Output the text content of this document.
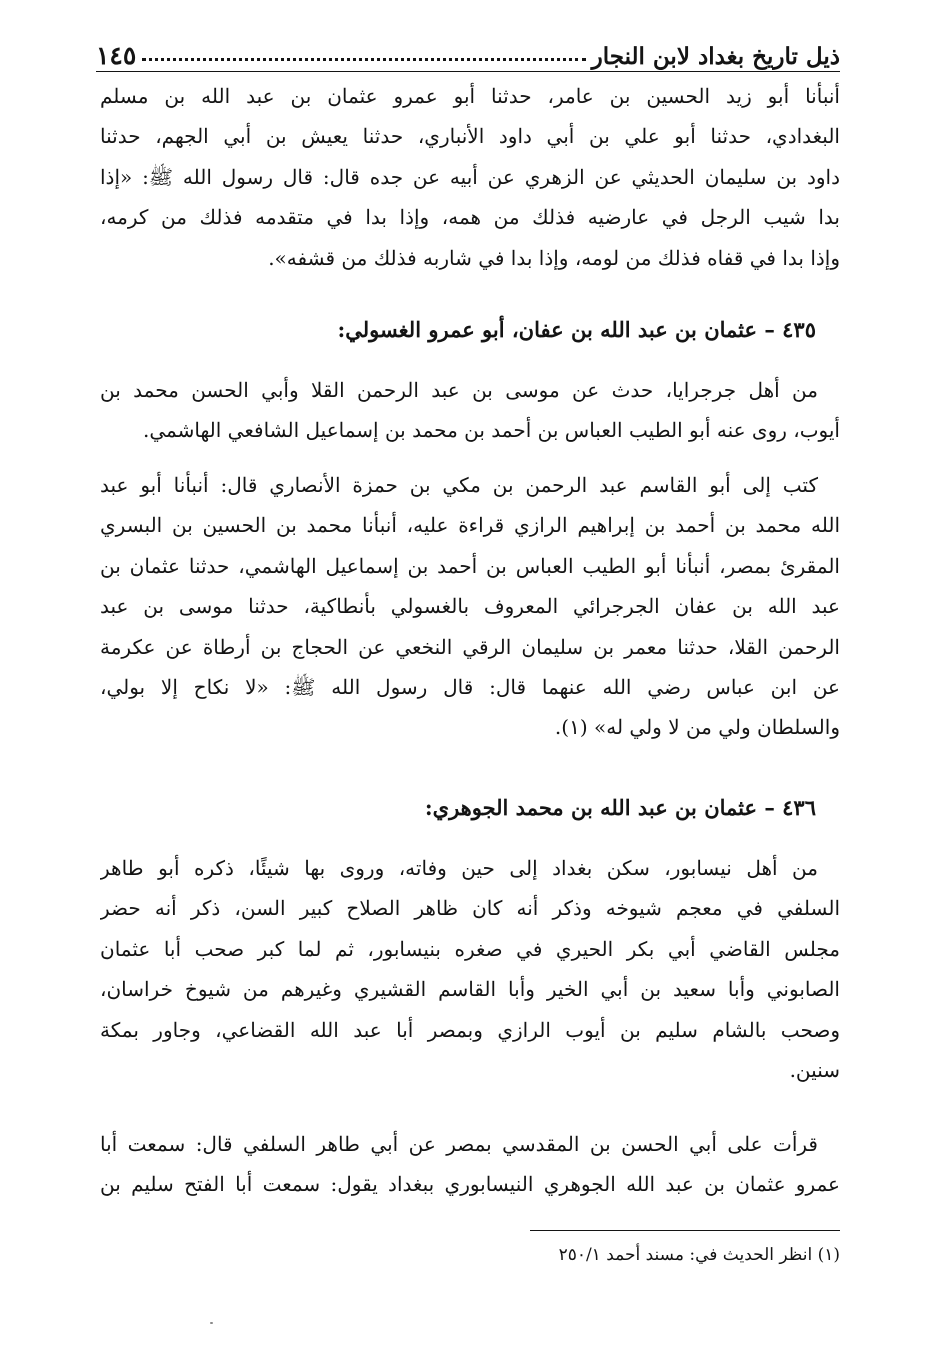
١٤٥	ذيل تاريخ بغداد لابن النجار

أنبأنا أبو زيد الحسين بن عامر، حدثنا أبو عمرو عثمان بن عبد الله بن مسلم
البغدادي، حدثنا أبو علي بن أبي داود الأنباري، حدثنا يعيش بن أبي الجهم، حدثنا
داود بن سليمان الحديثي عن الزهري عن أبيه عن جده قال: قال رسول الله ﷺ: «إذا
بدا شيب الرجل في عارضيه فذلك من همه، وإذا بدا في متقدمه فذلك من كرمه،
وإذا بدا في قفاه فذلك من لومه، وإذا بدا في شاربه فذلك من قشفه».

٤٣٥ – عثمان بن عبد الله بن عفان، أبو عمرو الغسولي:

من أهل جرجرايا، حدث عن موسى بن عبد الرحمن القلا وأبي الحسن محمد بن
أيوب، روى عنه أبو الطيب العباس بن أحمد بن محمد بن إسماعيل الشافعي الهاشمي.

كتب إلى أبو القاسم عبد الرحمن بن مكي بن حمزة الأنصاري قال: أنبأنا أبو عبد
الله محمد بن أحمد بن إبراهيم الرازي قراءة عليه، أنبأنا محمد بن الحسين بن البسري
المقرئ بمصر، أنبأنا أبو الطيب العباس بن أحمد بن إسماعيل الهاشمي، حدثنا عثمان بن
عبد الله بن عفان الجرجرائي المعروف بالغسولي بأنطاكية، حدثنا موسى بن عبد
الرحمن القلا، حدثنا معمر بن سليمان الرقي النخعي عن الحجاج بن أرطاة عن عكرمة
عن ابن عباس رضي الله عنهما قال: قال رسول الله ﷺ: «لا نكاح إلا بولي،
والسلطان ولي من لا ولي له» (١).

٤٣٦ – عثمان بن عبد الله بن محمد الجوهري:

من أهل نيسابور، سكن بغداد إلى حين وفاته، وروى بها شيئًا، ذكره أبو طاهر
السلفي في معجم شيوخه وذكر أنه كان ظاهر الصلاح كبير السن، ذكر أنه حضر
مجلس القاضي أبي بكر الحيري في صغره بنيسابور، ثم لما كبر صحب أبا عثمان
الصابوني وأبا سعيد بن أبي الخير وأبا القاسم القشيري وغيرهم من شيوخ خراسان،
وصحب بالشام سليم بن أيوب الرازي وبمصر أبا عبد الله القضاعي، وجاور بمكة
سنين.

قرأت على أبي الحسن بن المقدسي بمصر عن أبي طاهر السلفي قال: سمعت أبا
عمرو عثمان بن عبد الله الجوهري النيسابوري ببغداد يقول: سمعت أبا الفتح سليم بن

(١) انظر الحديث في: مسند أحمد ٢٥٠/١
